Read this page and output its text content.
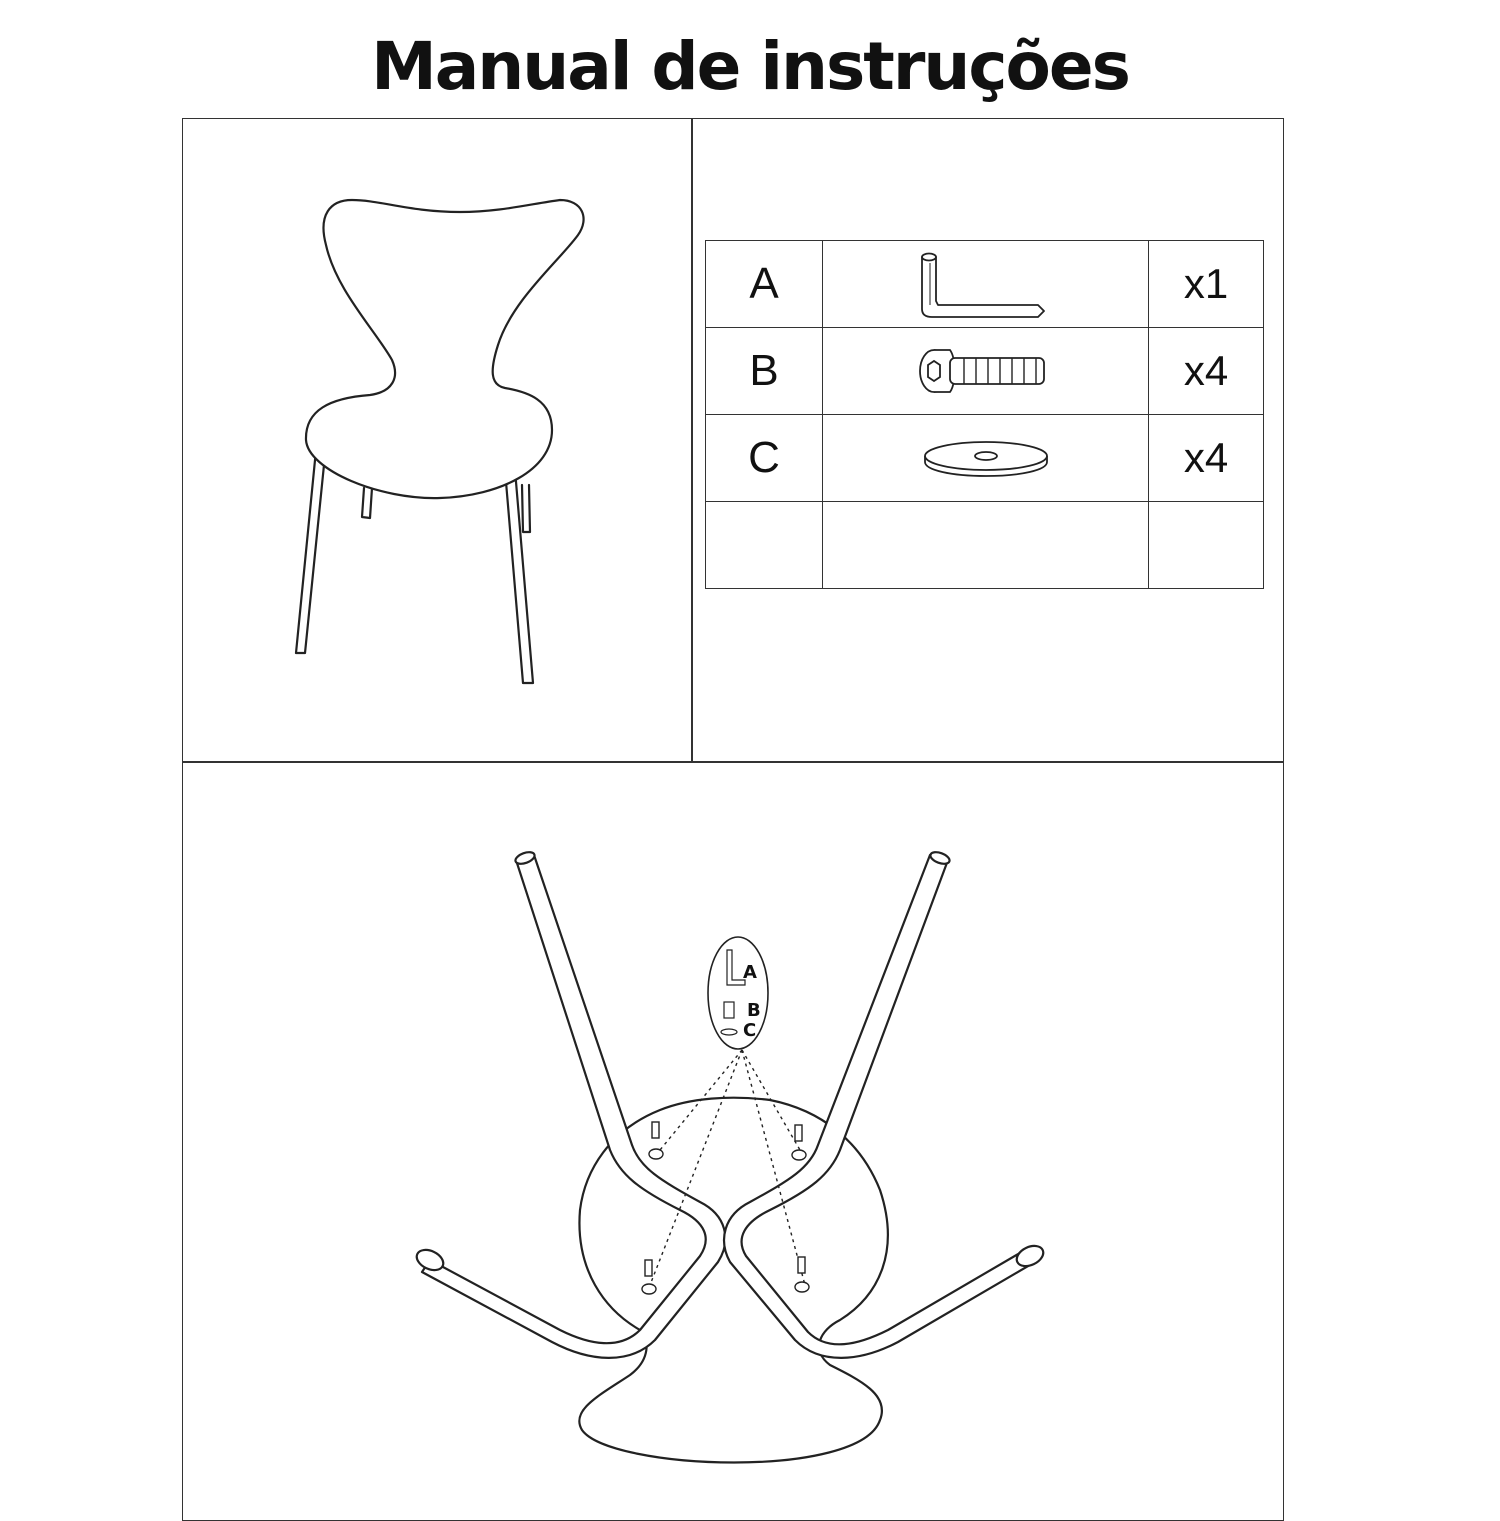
Manual de instruções
A		x1
B		x4
C		x4

A
B
C
